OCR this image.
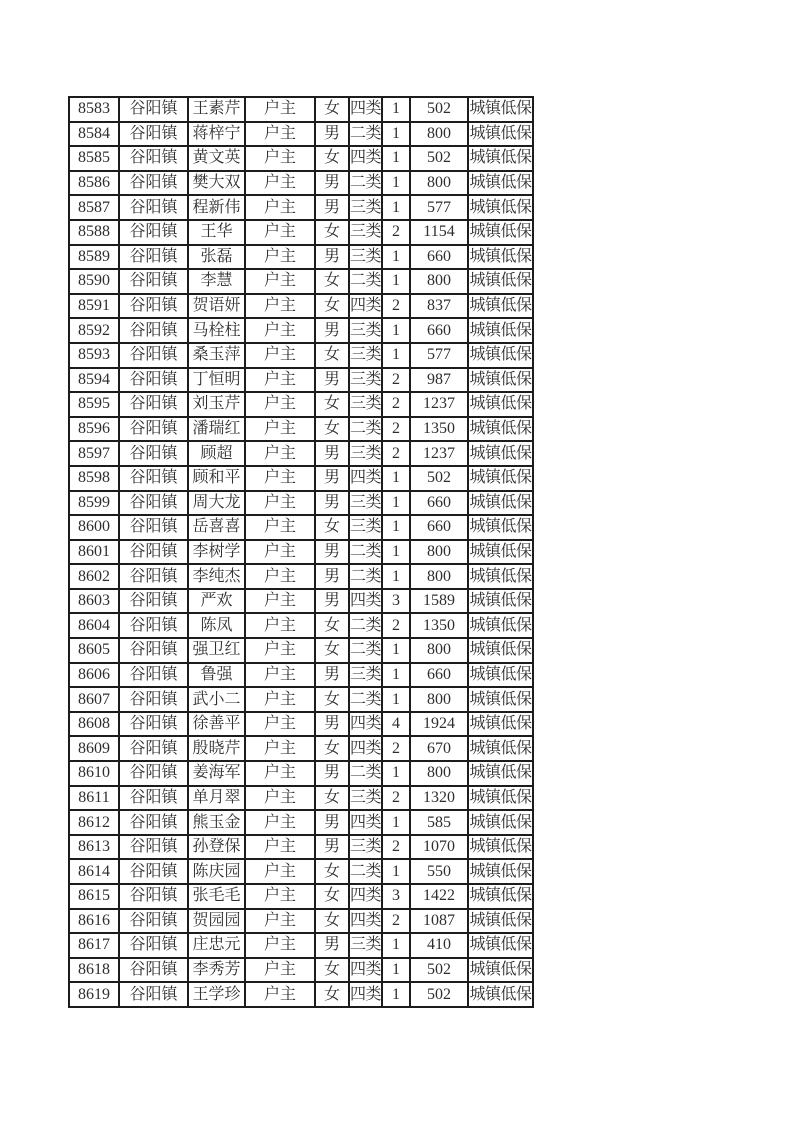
8583	谷阳镇	王素芹	户主	女	四类	1	502	城镇低保
8584	谷阳镇	蒋梓宁	户主	男	二类	1	800	城镇低保
8585	谷阳镇	黄文英	户主	女	四类	1	502	城镇低保
8586	谷阳镇	樊大双	户主	男	二类	1	800	城镇低保
8587	谷阳镇	程新伟	户主	男	三类	1	577	城镇低保
8588	谷阳镇	王华	户主	女	三类	2	1154	城镇低保
8589	谷阳镇	张磊	户主	男	三类	1	660	城镇低保
8590	谷阳镇	李慧	户主	女	二类	1	800	城镇低保
8591	谷阳镇	贺语妍	户主	女	四类	2	837	城镇低保
8592	谷阳镇	马栓柱	户主	男	三类	1	660	城镇低保
8593	谷阳镇	桑玉萍	户主	女	三类	1	577	城镇低保
8594	谷阳镇	丁恒明	户主	男	三类	2	987	城镇低保
8595	谷阳镇	刘玉芹	户主	女	三类	2	1237	城镇低保
8596	谷阳镇	潘瑞红	户主	女	二类	2	1350	城镇低保
8597	谷阳镇	顾超	户主	男	三类	2	1237	城镇低保
8598	谷阳镇	顾和平	户主	男	四类	1	502	城镇低保
8599	谷阳镇	周大龙	户主	男	三类	1	660	城镇低保
8600	谷阳镇	岳喜喜	户主	女	三类	1	660	城镇低保
8601	谷阳镇	李树学	户主	男	二类	1	800	城镇低保
8602	谷阳镇	李纯杰	户主	男	二类	1	800	城镇低保
8603	谷阳镇	严欢	户主	男	四类	3	1589	城镇低保
8604	谷阳镇	陈凤	户主	女	二类	2	1350	城镇低保
8605	谷阳镇	强卫红	户主	女	二类	1	800	城镇低保
8606	谷阳镇	鲁强	户主	男	三类	1	660	城镇低保
8607	谷阳镇	武小二	户主	女	二类	1	800	城镇低保
8608	谷阳镇	徐善平	户主	男	四类	4	1924	城镇低保
8609	谷阳镇	殷晓芹	户主	女	四类	2	670	城镇低保
8610	谷阳镇	姜海军	户主	男	二类	1	800	城镇低保
8611	谷阳镇	单月翠	户主	女	三类	2	1320	城镇低保
8612	谷阳镇	熊玉金	户主	男	四类	1	585	城镇低保
8613	谷阳镇	孙登保	户主	男	三类	2	1070	城镇低保
8614	谷阳镇	陈庆园	户主	女	二类	1	550	城镇低保
8615	谷阳镇	张毛毛	户主	女	四类	3	1422	城镇低保
8616	谷阳镇	贺园园	户主	女	四类	2	1087	城镇低保
8617	谷阳镇	庄忠元	户主	男	三类	1	410	城镇低保
8618	谷阳镇	李秀芳	户主	女	四类	1	502	城镇低保
8619	谷阳镇	王学珍	户主	女	四类	1	502	城镇低保
